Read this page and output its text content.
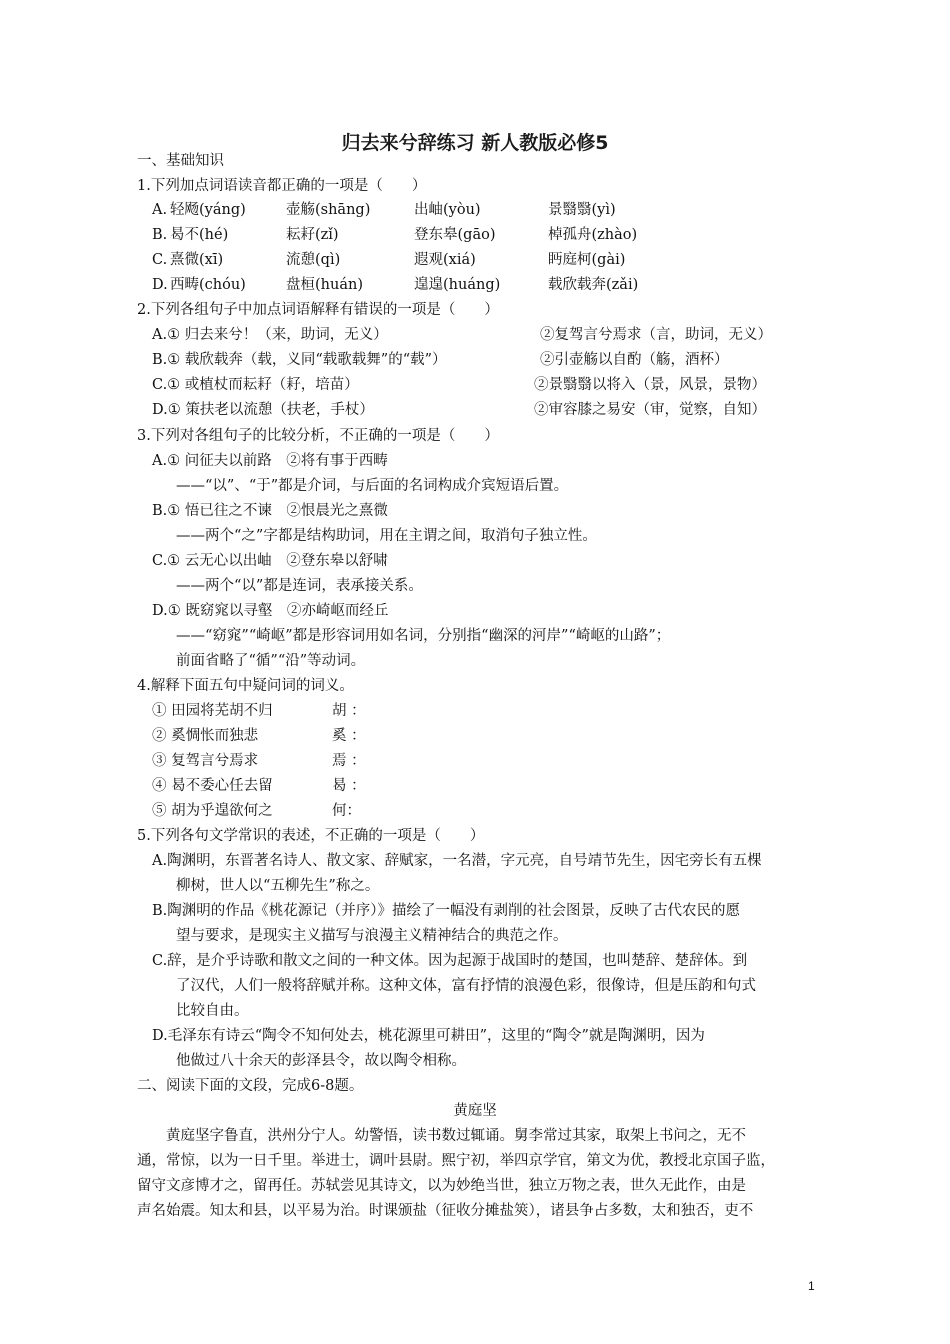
归去来兮辞练习 新人教版必修5
一、基础知识
1.下列加点词语读音都正确的一项是（　　）
A. 轻飏(yáng)	壶觞(shāng)	出岫(yòu)	景翳翳(yì)
B. 曷不(hé)	耘耔(zǐ)	登东皋(gāo)	棹孤舟(zhào)
C. 熹微(xī)	流憩(qì)	遐观(xiá)	眄庭柯(gài)
D. 西畴(chóu)	盘桓(huán)	遑遑(huáng)	载欣载奔(zǎi)
2.下列各组句子中加点词语解释有错误的一项是（　　）
A.① 归去来兮！（来，助词，无义）	②复驾言兮焉求（言，助词，无义）
B.① 载欣载奔（载，义同“载歌载舞”的“载”）	②引壶觞以自酌（觞，酒杯）
C.① 或植杖而耘耔（耔，培苗）	②景翳翳以将入（景，风景，景物）
D.① 策扶老以流憩（扶老，手杖）	②审容膝之易安（审，觉察，自知）
3.下列对各组句子的比较分析，不正确的一项是（　　）
A.① 问征夫以前路　②将有事于西畴
——“以”、“于”都是介词，与后面的名词构成介宾短语后置。
B.① 悟已往之不谏　②恨晨光之熹微
——两个“之”字都是结构助词，用在主谓之间，取消句子独立性。
C.① 云无心以出岫　②登东皋以舒啸
——两个“以”都是连词，表承接关系。
D.① 既窈窕以寻壑　②亦崎岖而经丘
——“窈窕”“崎岖”都是形容词用如名词，分别指“幽深的河岸”“崎岖的山路”；
前面省略了“循”“沿”等动词。
4.解释下面五句中疑问词的词义。
① 田园将芜胡不归	胡 ：
② 奚惆怅而独悲	奚 ：
③ 复驾言兮焉求	焉 ：
④ 曷不委心任去留	曷 ：
⑤ 胡为乎遑欲何之	何：
5.下列各句文学常识的表述，不正确的一项是（　　）
A.陶渊明，东晋著名诗人、散文家、辞赋家，一名潜，字元亮，自号靖节先生，因宅旁长有五棵
柳树，世人以“五柳先生”称之。
B.陶渊明的作品《桃花源记（并序）》描绘了一幅没有剥削的社会图景，反映了古代农民的愿
望与要求，是现实主义描写与浪漫主义精神结合的典范之作。
C.辞，是介乎诗歌和散文之间的一种文体。因为起源于战国时的楚国，也叫楚辞、楚辞体。到
了汉代，人们一般将辞赋并称。这种文体，富有抒情的浪漫色彩，很像诗，但是压韵和句式
比较自由。
D.毛泽东有诗云“陶令不知何处去，桃花源里可耕田”，这里的“陶令”就是陶渊明，因为
他做过八十余天的彭泽县令，故以陶令相称。
二、阅读下面的文段，完成6-8题。
黄庭坚
黄庭坚字鲁直，洪州分宁人。幼警悟，读书数过辄诵。舅李常过其家，取架上书问之，无不
通，常惊，以为一日千里。举进士，调叶县尉。熙宁初，举四京学官，第文为优，教授北京国子监，
留守文彦博才之，留再任。苏轼尝见其诗文，以为妙绝当世，独立万物之表，世久无此作，由是
声名始震。知太和县，以平易为治。时课颁盐（征收分摊盐筴），诸县争占多数，太和独否，吏不
1
